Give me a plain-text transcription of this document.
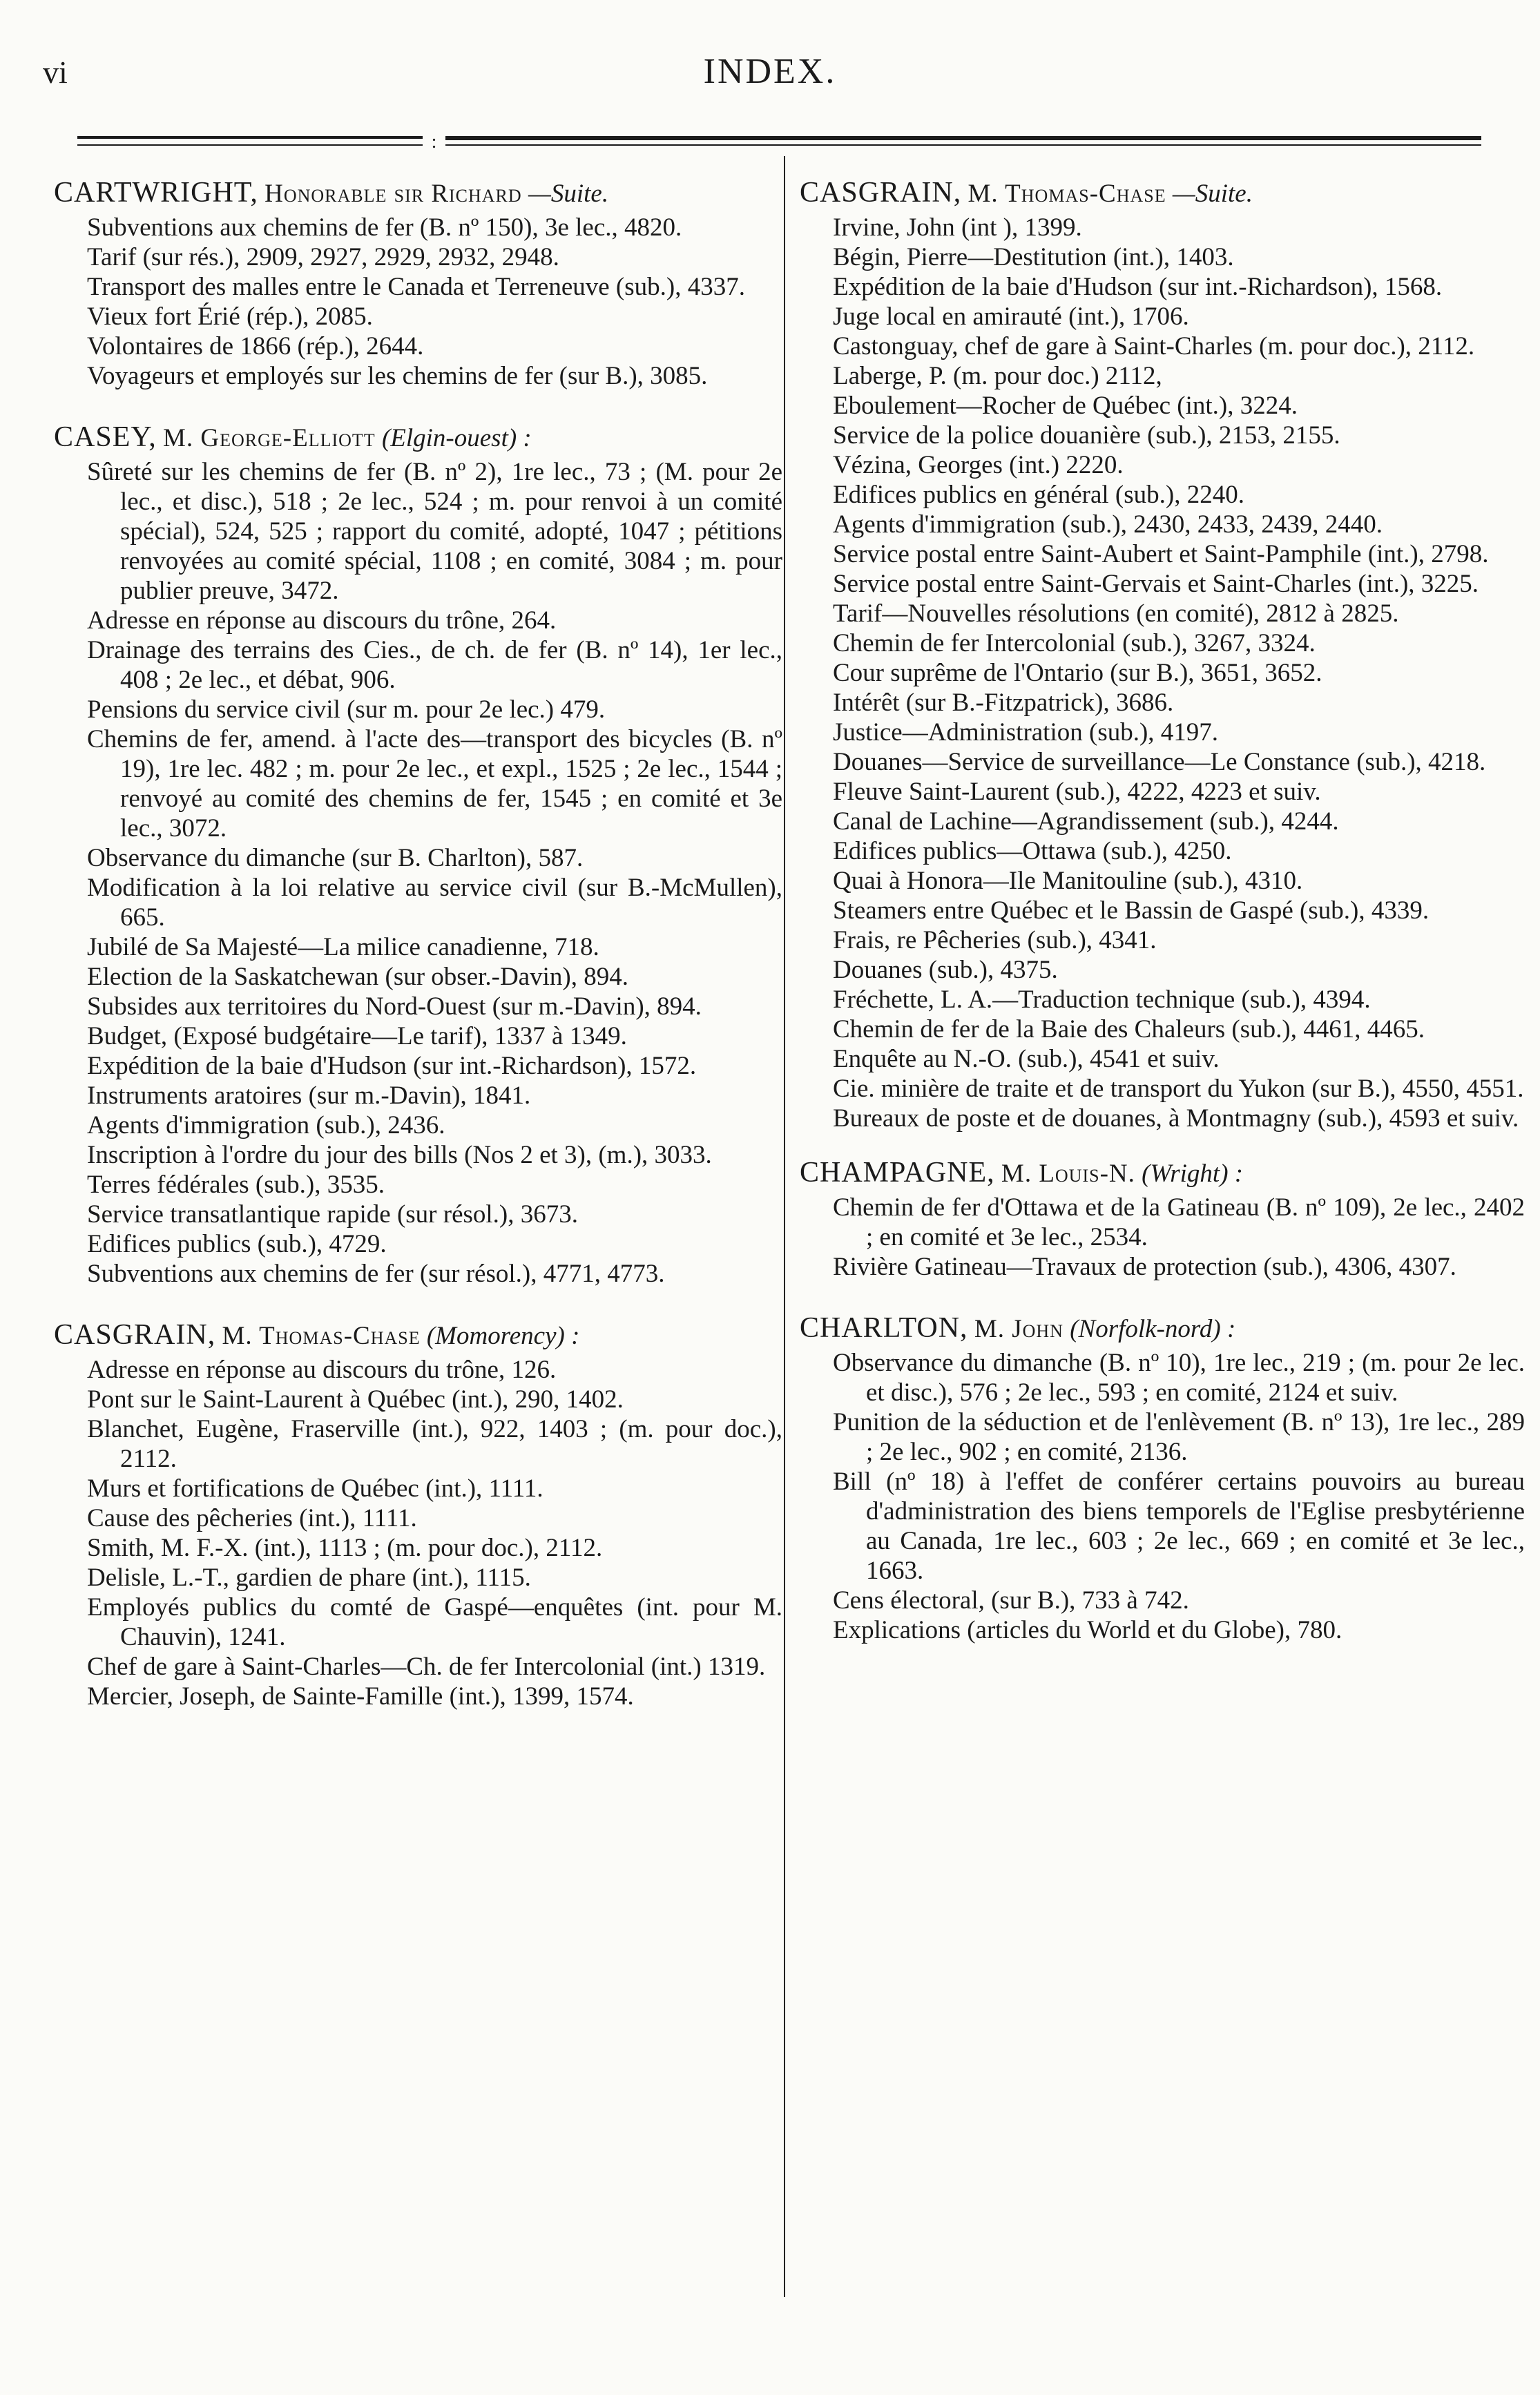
vi	INDEX.
:

CARTWRIGHT, Honorable sir Richard —Suite.

Subventions aux chemins de fer (B. nº 150), 3e lec., 4820.
Tarif (sur rés.), 2909, 2927, 2929, 2932, 2948.
Transport des malles entre le Canada et Terreneuve (sub.), 4337.
Vieux fort Érié (rép.), 2085.
Volontaires de 1866 (rép.), 2644.
Voyageurs et employés sur les chemins de fer (sur B.), 3085.

CASEY, M. George-Elliott (Elgin-ouest) :

Sûreté sur les chemins de fer (B. nº 2), 1re lec., 73 ; (M. pour 2e lec., et disc.), 518 ; 2e lec., 524 ; m. pour renvoi à un comité spécial), 524, 525 ; rapport du comité, adopté, 1047 ; pétitions renvoyées au comité spécial, 1108 ; en comité, 3084 ; m. pour publier preuve, 3472.
Adresse en réponse au discours du trône, 264.
Drainage des terrains des Cies., de ch. de fer (B. nº 14), 1er lec., 408 ; 2e lec., et débat, 906.
Pensions du service civil (sur m. pour 2e lec.) 479.
Chemins de fer, amend. à l'acte des—transport des bicycles (B. nº 19), 1re lec. 482 ; m. pour 2e lec., et expl., 1525 ; 2e lec., 1544 ; renvoyé au comité des chemins de fer, 1545 ; en comité et 3e lec., 3072.
Observance du dimanche (sur B. Charlton), 587.
Modification à la loi relative au service civil (sur B.-McMullen), 665.
Jubilé de Sa Majesté—La milice canadienne, 718.
Election de la Saskatchewan (sur obser.-Davin), 894.
Subsides aux territoires du Nord-Ouest (sur m.-Davin), 894.
Budget, (Exposé budgétaire—Le tarif), 1337 à 1349.
Expédition de la baie d'Hudson (sur int.-Richardson), 1572.
Instruments aratoires (sur m.-Davin), 1841.
Agents d'immigration (sub.), 2436.
Inscription à l'ordre du jour des bills (Nos 2 et 3), (m.), 3033.
Terres fédérales (sub.), 3535.
Service transatlantique rapide (sur résol.), 3673.
Edifices publics (sub.), 4729.
Subventions aux chemins de fer (sur résol.), 4771, 4773.

CASGRAIN, M. Thomas-Chase (Momorency) :

Adresse en réponse au discours du trône, 126.
Pont sur le Saint-Laurent à Québec (int.), 290, 1402.
Blanchet, Eugène, Fraserville (int.), 922, 1403 ; (m. pour doc.), 2112.
Murs et fortifications de Québec (int.), 1111.
Cause des pêcheries (int.), 1111.
Smith, M. F.-X. (int.), 1113 ; (m. pour doc.), 2112.
Delisle, L.-T., gardien de phare (int.), 1115.
Employés publics du comté de Gaspé—enquêtes (int. pour M. Chauvin), 1241.
Chef de gare à Saint-Charles—Ch. de fer Intercolonial (int.) 1319.
Mercier, Joseph, de Sainte-Famille (int.), 1399, 1574.

CASGRAIN, M. Thomas-Chase —Suite.

Irvine, John (int ), 1399.
Bégin, Pierre—Destitution (int.), 1403.
Expédition de la baie d'Hudson (sur int.-Richardson), 1568.
Juge local en amirauté (int.), 1706.
Castonguay, chef de gare à Saint-Charles (m. pour doc.), 2112.
Laberge, P. (m. pour doc.) 2112,
Eboulement—Rocher de Québec (int.), 3224.
Service de la police douanière (sub.), 2153, 2155.
Vézina, Georges (int.) 2220.
Edifices publics en général (sub.), 2240.
Agents d'immigration (sub.), 2430, 2433, 2439, 2440.
Service postal entre Saint-Aubert et Saint-Pamphile (int.), 2798.
Service postal entre Saint-Gervais et Saint-Charles (int.), 3225.
Tarif—Nouvelles résolutions (en comité), 2812 à 2825.
Chemin de fer Intercolonial (sub.), 3267, 3324.
Cour suprême de l'Ontario (sur B.), 3651, 3652.
Intérêt (sur B.-Fitzpatrick), 3686.
Justice—Administration (sub.), 4197.
Douanes—Service de surveillance—Le Constance (sub.), 4218.
Fleuve Saint-Laurent (sub.), 4222, 4223 et suiv.
Canal de Lachine—Agrandissement (sub.), 4244.
Edifices publics—Ottawa (sub.), 4250.
Quai à Honora—Ile Manitouline (sub.), 4310.
Steamers entre Québec et le Bassin de Gaspé (sub.), 4339.
Frais, re Pêcheries (sub.), 4341.
Douanes (sub.), 4375.
Fréchette, L. A.—Traduction technique (sub.), 4394.
Chemin de fer de la Baie des Chaleurs (sub.), 4461, 4465.
Enquête au N.-O. (sub.), 4541 et suiv.
Cie. minière de traite et de transport du Yukon (sur B.), 4550, 4551.
Bureaux de poste et de douanes, à Montmagny (sub.), 4593 et suiv.

CHAMPAGNE, M. Louis-N. (Wright) :

Chemin de fer d'Ottawa et de la Gatineau (B. nº 109), 2e lec., 2402 ; en comité et 3e lec., 2534.
Rivière Gatineau—Travaux de protection (sub.), 4306, 4307.

CHARLTON, M. John (Norfolk-nord) :

Observance du dimanche (B. nº 10), 1re lec., 219 ; (m. pour 2e lec. et disc.), 576 ; 2e lec., 593 ; en comité, 2124 et suiv.
Punition de la séduction et de l'enlèvement (B. nº 13), 1re lec., 289 ; 2e lec., 902 ; en comité, 2136.
Bill (nº 18) à l'effet de conférer certains pouvoirs au bureau d'administration des biens temporels de l'Eglise presbytérienne au Canada, 1re lec., 603 ; 2e lec., 669 ; en comité et 3e lec., 1663.
Cens électoral, (sur B.), 733 à 742.
Explications (articles du World et du Globe), 780.
